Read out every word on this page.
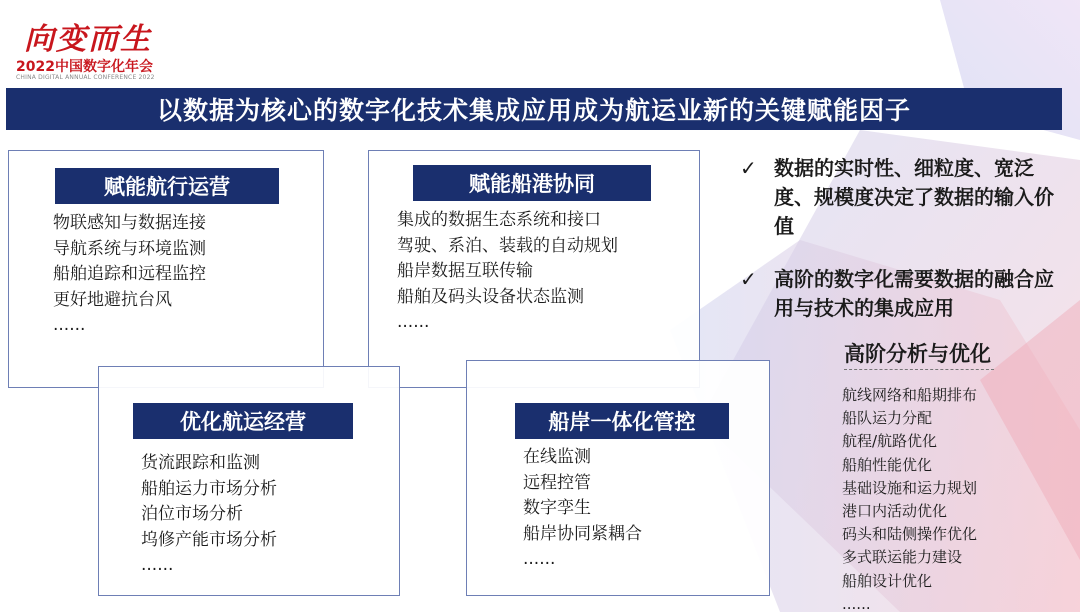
向变而生
2022中国数字化年会
CHINA DIGITAL ANNUAL CONFERENCE 2022
以数据为核心的数字化技术集成应用成为航运业新的关键赋能因子
赋能航行运营
物联感知与数据连接
导航系统与环境监测
船舶追踪和远程监控
更好地避抗台风
......
赋能船港协同
集成的数据生态系统和接口
驾驶、系泊、装载的自动规划
船岸数据互联传输
船舶及码头设备状态监测
......
优化航运经营
货流跟踪和监测
船舶运力市场分析
泊位市场分析
坞修产能市场分析
......
船岸一体化管控
在线监测
远程控管
数字孪生
船岸协同紧耦合
......
✓ 数据的实时性、细粒度、宽泛度、规模度决定了数据的输入价值
✓ 高阶的数字化需要数据的融合应用与技术的集成应用
高阶分析与优化
航线网络和船期排布
船队运力分配
航程/航路优化
船舶性能优化
基础设施和运力规划
港口内活动优化
码头和陆侧操作优化
多式联运能力建设
船舶设计优化
......
